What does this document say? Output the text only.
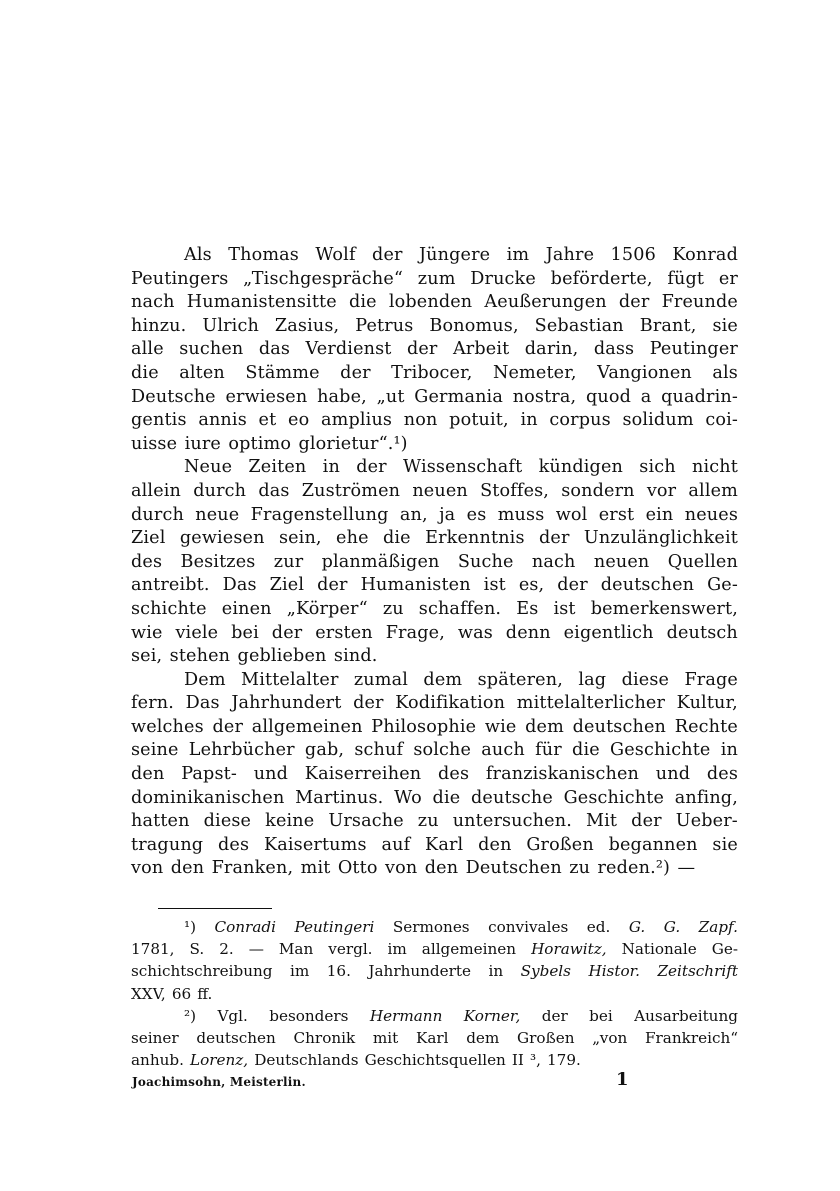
Als Thomas Wolf der Jüngere im Jahre 1506 Konrad
Peutingers „Tischgespräche“ zum Drucke beförderte, fügt er
nach Humanistensitte die lobenden Aeußerungen der Freunde
hinzu. Ulrich Zasius, Petrus Bonomus, Sebastian Brant, sie
alle suchen das Verdienst der Arbeit darin, dass Peutinger
die alten Stämme der Tribocer, Nemeter, Vangionen als
Deutsche erwiesen habe, „ut Germania nostra, quod a quadrin-
gentis annis et eo amplius non potuit, in corpus solidum coi-
uisse iure optimo glorietur“.¹)
Neue Zeiten in der Wissenschaft kündigen sich nicht
allein durch das Zuströmen neuen Stoffes, sondern vor allem
durch neue Fragenstellung an, ja es muss wol erst ein neues
Ziel gewiesen sein, ehe die Erkenntnis der Unzulänglichkeit
des Besitzes zur planmäßigen Suche nach neuen Quellen
antreibt. Das Ziel der Humanisten ist es, der deutschen Ge-
schichte einen „Körper“ zu schaffen. Es ist bemerkenswert,
wie viele bei der ersten Frage, was denn eigentlich deutsch
sei, stehen geblieben sind.
Dem Mittelalter zumal dem späteren, lag diese Frage
fern. Das Jahrhundert der Kodifikation mittelalterlicher Kultur,
welches der allgemeinen Philosophie wie dem deutschen Rechte
seine Lehrbücher gab, schuf solche auch für die Geschichte in
den Papst- und Kaiserreihen des franziskanischen und des
dominikanischen Martinus. Wo die deutsche Geschichte anfing,
hatten diese keine Ursache zu untersuchen. Mit der Ueber-
tragung des Kaisertums auf Karl den Großen begannen sie
von den Franken, mit Otto von den Deutschen zu reden.²) —
¹) Conradi Peutingeri Sermones convivales ed. G. G. Zapf.
1781, S. 2. — Man vergl. im allgemeinen Horawitz, Nationale Ge-
schichtschreibung im 16. Jahrhunderte in Sybels Histor. Zeitschrift
XXV, 66 ff.
²) Vgl. besonders Hermann Korner, der bei Ausarbeitung
seiner deutschen Chronik mit Karl dem Großen „von Frankreich“
anhub. Lorenz, Deutschlands Geschichtsquellen II ³, 179.
Joachimsohn, Meisterlin.	1
